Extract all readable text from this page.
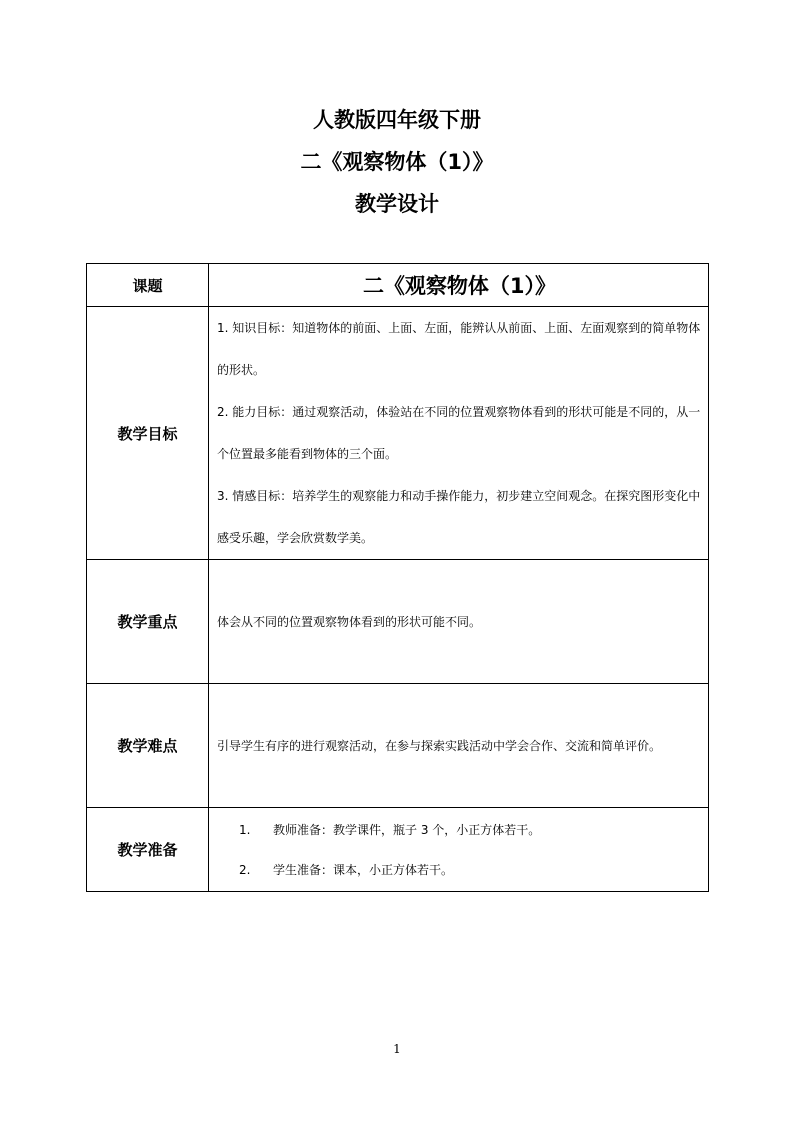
人教版四年级下册
二《观察物体（1）》
教学设计
课题	二《观察物体（1）》
教学目标	1. 知识目标：知道物体的前面、上面、左面，能辨认从前面、上面、左面观察到的简单物体的形状。

2. 能力目标：通过观察活动，体验站在不同的位置观察物体看到的形状可能是不同的，从一个位置最多能看到物体的三个面。

3. 情感目标：培养学生的观察能力和动手操作能力，初步建立空间观念。在探究图形变化中感受乐趣，学会欣赏数学美。

教学重点	体会从不同的位置观察物体看到的形状可能不同。

教学难点	引导学生有序的进行观察活动，在参与探索实践活动中学会合作、交流和简单评价。

教学准备	1. 教师准备：教学课件，瓶子 3 个，小正方体若干。

2. 学生准备：课本，小正方体若干。

1
